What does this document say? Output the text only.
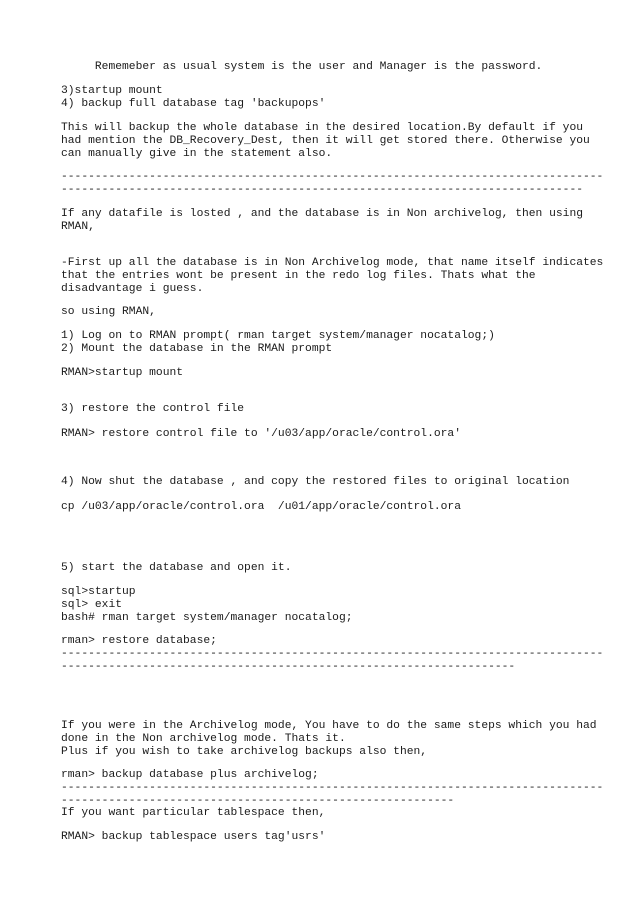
Rememeber as usual system is the user and Manager is the password.

3)startup mount

4) backup full database tag 'backupops'

This will backup the whole database in the desired location.By default if you

had mention the DB_Recovery_Dest, then it will get stored there. Otherwise you

can manually give in the statement also.

--------------------------------------------------------------------------------

-----------------------------------------------------------------------------

If any datafile is losted , and the database is in Non archivelog, then using

RMAN,

-First up all the database is in Non Archivelog mode, that name itself indicates

that the entries wont be present in the redo log files. Thats what the

disadvantage i guess.

so using RMAN,

1) Log on to RMAN prompt( rman target system/manager nocatalog;)

2) Mount the database in the RMAN prompt

RMAN>startup mount

3) restore the control file

RMAN> restore control file to '/u03/app/oracle/control.ora'

4) Now shut the database , and copy the restored files to original location

cp /u03/app/oracle/control.ora  /u01/app/oracle/control.ora

5) start the database and open it.

sql>startup

sql> exit

bash# rman target system/manager nocatalog;

rman> restore database;

--------------------------------------------------------------------------------

-------------------------------------------------------------------

If you were in the Archivelog mode, You have to do the same steps which you had

done in the Non archivelog mode. Thats it.

Plus if you wish to take archivelog backups also then,

rman> backup database plus archivelog;

--------------------------------------------------------------------------------

----------------------------------------------------------

If you want particular tablespace then,

RMAN> backup tablespace users tag'usrs'
